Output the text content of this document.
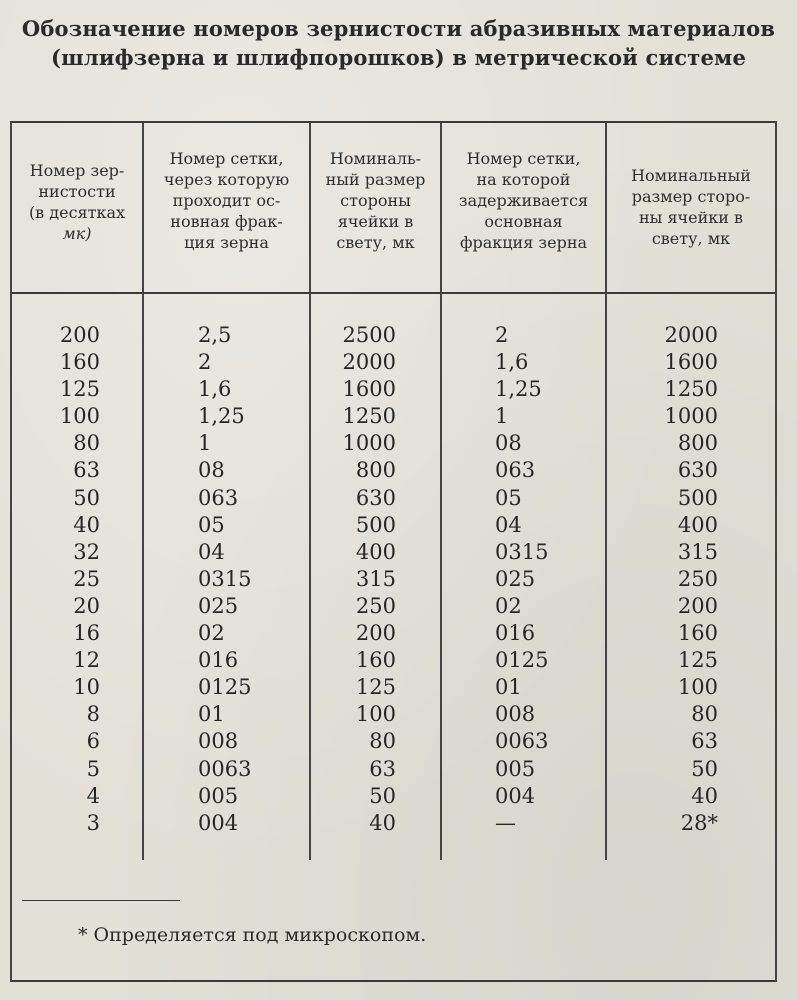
Обозначение номеров зернистости абразивных материалов
(шлифзерна и шлифпорошков) в метрической системе
Номер зер-
нистости
(в десятках
мк)
Номер сетки,
через которую
проходит ос-
новная фрак-
ция зерна
Номиналь-
ный размер
стороны
ячейки в
свету, мк
Номер сетки,
на которой
задерживается
основная
фракция зерна
Номинальный
размер сторо-
ны ячейки в
свету, мк
200
160
125
100
80
63
50
40
32
25
20
16
12
10
8
6
5
4
3
2,5
2
1,6
1,25
1
08
063
05
04
0315
025
02
016
0125
01
008
0063
005
004
2500
2000
1600
1250
1000
800
630
500
400
315
250
200
160
125
100
80
63
50
40
2
1,6
1,25
1
08
063
05
04
0315
025
02
016
0125
01
008
0063
005
004
—
2000
1600
1250
1000
800
630
500
400
315
250
200
160
125
100
80
63
50
40
28*
* Определяется под микроскопом.
